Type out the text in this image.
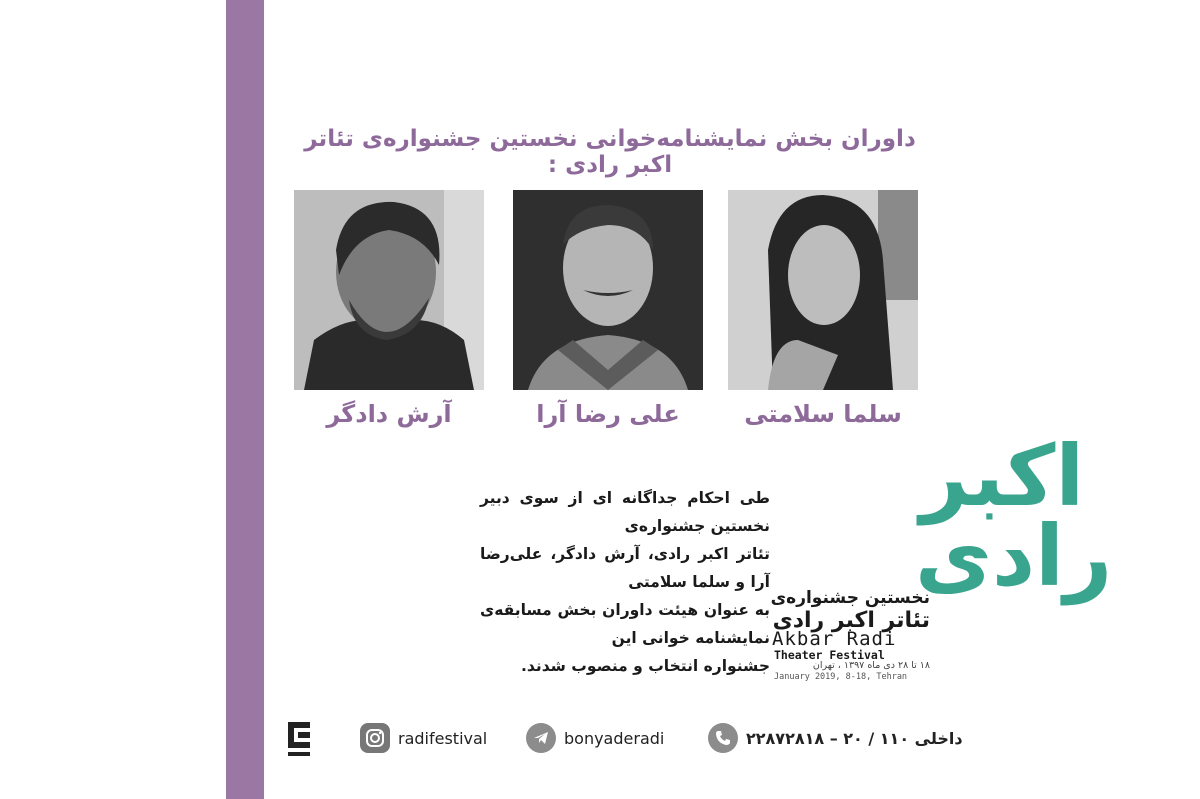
داوران بخش نمایشنامه‌خوانی نخستین جشنواره‌ی تئاتر اکبر رادی :
آرش دادگر	علی رضا آرا	سلما سلامتی
طی احکام جداگانه ای از سوی دبیر نخستین جشنواره‌ی
تئاتر اکبر رادی، آرش دادگر، علی‌رضا آرا و سلما سلامتی
به عنوان هیئت داوران بخش مسابقه‌ی نمایشنامه خوانی این
جشنواره انتخاب و منصوب شدند.
اکبر
رادی
نخستین جشنواره‌ی
تئاتر اکبر رادی
Akbar Radi
Theater Festival
۱۸ تا ۲۸ دی ماه ۱۳۹۷ ، تهران
January 2019, 8-18, Tehran
radifestival	bonyaderadi	داخلی ۱۱۰ / ۲۰ – ۲۲۸۷۲۸۱۸
